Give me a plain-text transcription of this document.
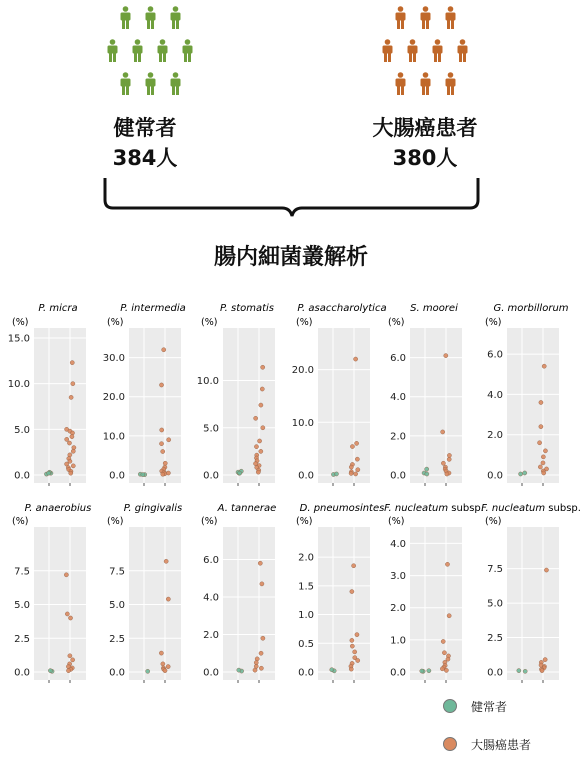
健常者
384人
大腸癌患者
380人
腸内細菌叢解析
P. micra
(%)
0.0
5.0
10.0
15.0
P. intermedia
(%)
0.0
10.0
20.0
30.0
P. stomatis
(%)
0.0
5.0
10.0
P. asaccharolytica
(%)
0.0
10.0
20.0
S. moorei
(%)
0.0
2.0
4.0
6.0
G. morbillorum
(%)
0.0
2.0
4.0
6.0
P. anaerobius
(%)
0.0
2.5
5.0
7.5
P. gingivalis
(%)
0.0
2.5
5.0
7.5
A. tannerae
(%)
0.0
2.0
4.0
6.0
D. pneumosintes
(%)
0.0
0.5
1.0
1.5
2.0
F. nucleatum subsp.
(%)
0.0
1.0
2.0
3.0
4.0
F. nucleatum subsp.
(%)
0.0
2.5
5.0
7.5
健常者
大腸癌患者
